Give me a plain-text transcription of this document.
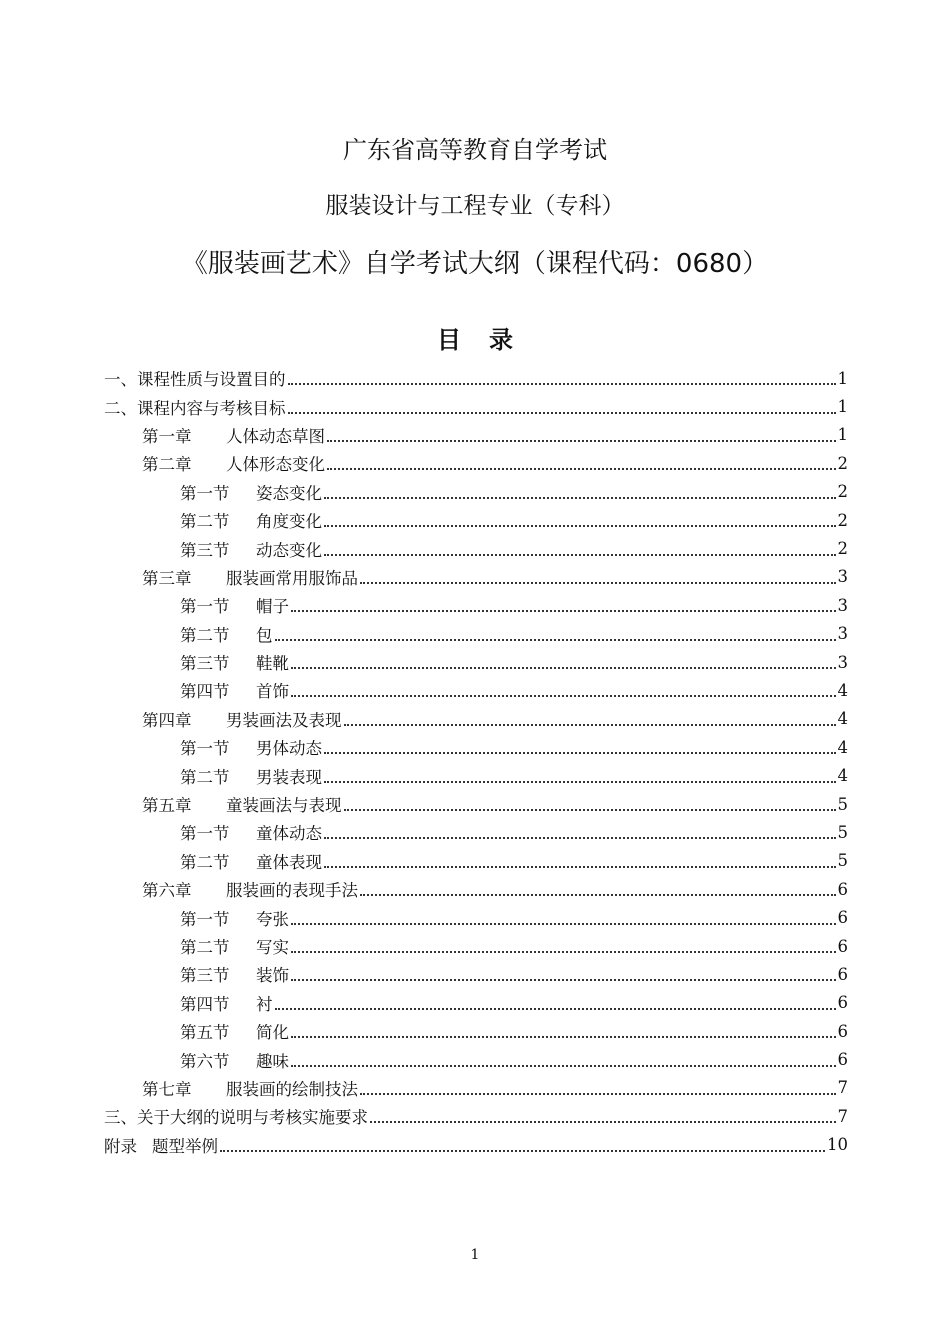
广东省高等教育自学考试
服装设计与工程专业（专科）
《服装画艺术》自学考试大纲（课程代码：0680）
目录
一、课程性质与设置目的	1
二、课程内容与考核目标	1
第一章	人体动态草图	1
第二章	人体形态变化	2
第一节	姿态变化	2
第二节	角度变化	2
第三节	动态变化	2
第三章	服装画常用服饰品	3
第一节	帽子	3
第二节	包	3
第三节	鞋靴	3
第四节	首饰	4
第四章	男装画法及表现	4
第一节	男体动态	4
第二节	男装表现	4
第五章	童装画法与表现	5
第一节	童体动态	5
第二节	童体表现	5
第六章	服装画的表现手法	6
第一节	夸张	6
第二节	写实	6
第三节	装饰	6
第四节	衬	6
第五节	简化	6
第六节	趣味	6
第七章	服装画的绘制技法	7
三、关于大纲的说明与考核实施要求	7
附录 题型举例	10
1
